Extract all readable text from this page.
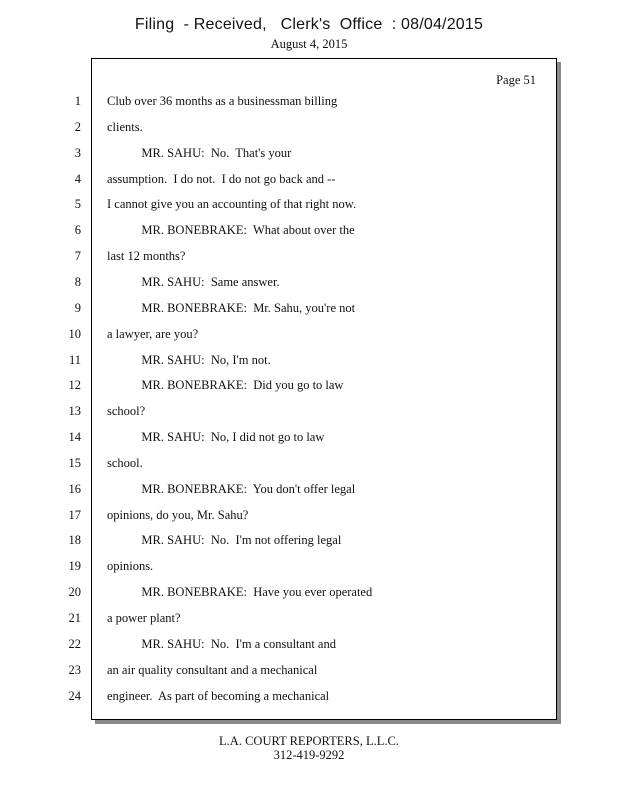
Filing  - Received,   Clerk's  Office  : 08/04/2015
August 4, 2015
Page 51
1 Club over 36 months as a businessman billing
2 clients.
3 MR. SAHU:  No.  That's your
4 assumption.  I do not.  I do not go back and --
5 I cannot give you an accounting of that right now.
6 MR. BONEBRAKE:  What about over the
7 last 12 months?
8 MR. SAHU:  Same answer.
9 MR. BONEBRAKE:  Mr. Sahu, you're not
10 a lawyer, are you?
11 MR. SAHU:  No, I'm not.
12 MR. BONEBRAKE:  Did you go to law
13 school?
14 MR. SAHU:  No, I did not go to law
15 school.
16 MR. BONEBRAKE:  You don't offer legal
17 opinions, do you, Mr. Sahu?
18 MR. SAHU:  No.  I'm not offering legal
19 opinions.
20 MR. BONEBRAKE:  Have you ever operated
21 a power plant?
22 MR. SAHU:  No.  I'm a consultant and
23 an air quality consultant and a mechanical
24 engineer.  As part of becoming a mechanical
L.A. COURT REPORTERS, L.L.C.
312-419-9292
